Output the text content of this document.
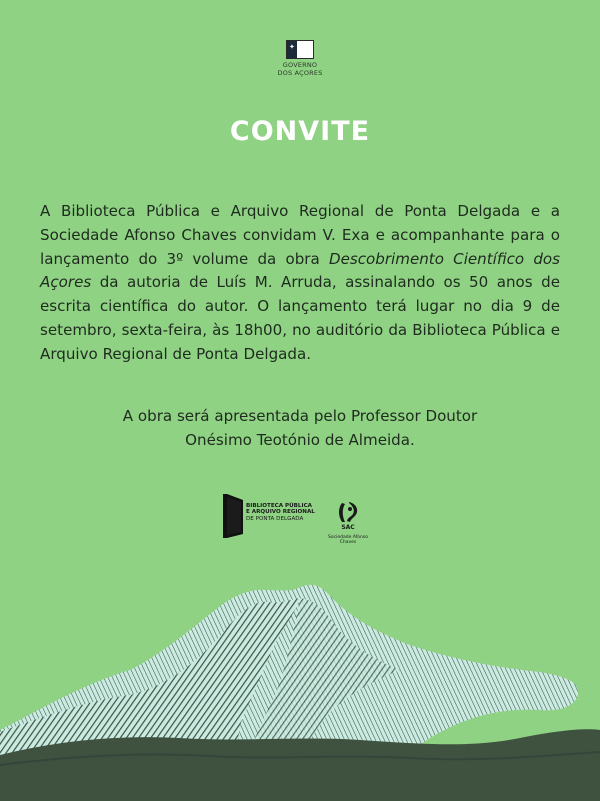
✦
GOVERNO
DOS AÇORES
CONVITE
A Biblioteca Pública e Arquivo Regional de Ponta Delgada e a Sociedade Afonso Chaves convidam V. Exa e acompanhante para o lançamento do 3º volume da obra Descobrimento Científico dos Açores da autoria de Luís M. Arruda, assinalando os 50 anos de escrita científica do autor. O lançamento terá lugar no dia 9 de setembro, sexta-feira, às 18h00, no auditório da Biblioteca Pública e Arquivo Regional de Ponta Delgada.
A obra será apresentada pelo Professor Doutor
Onésimo Teotónio de Almeida.
BIBLIOTECA PÚBLICA
E ARQUIVO REGIONAL
DE PONTA DELGADA
SAC
Sociedade Afonso Chaves
